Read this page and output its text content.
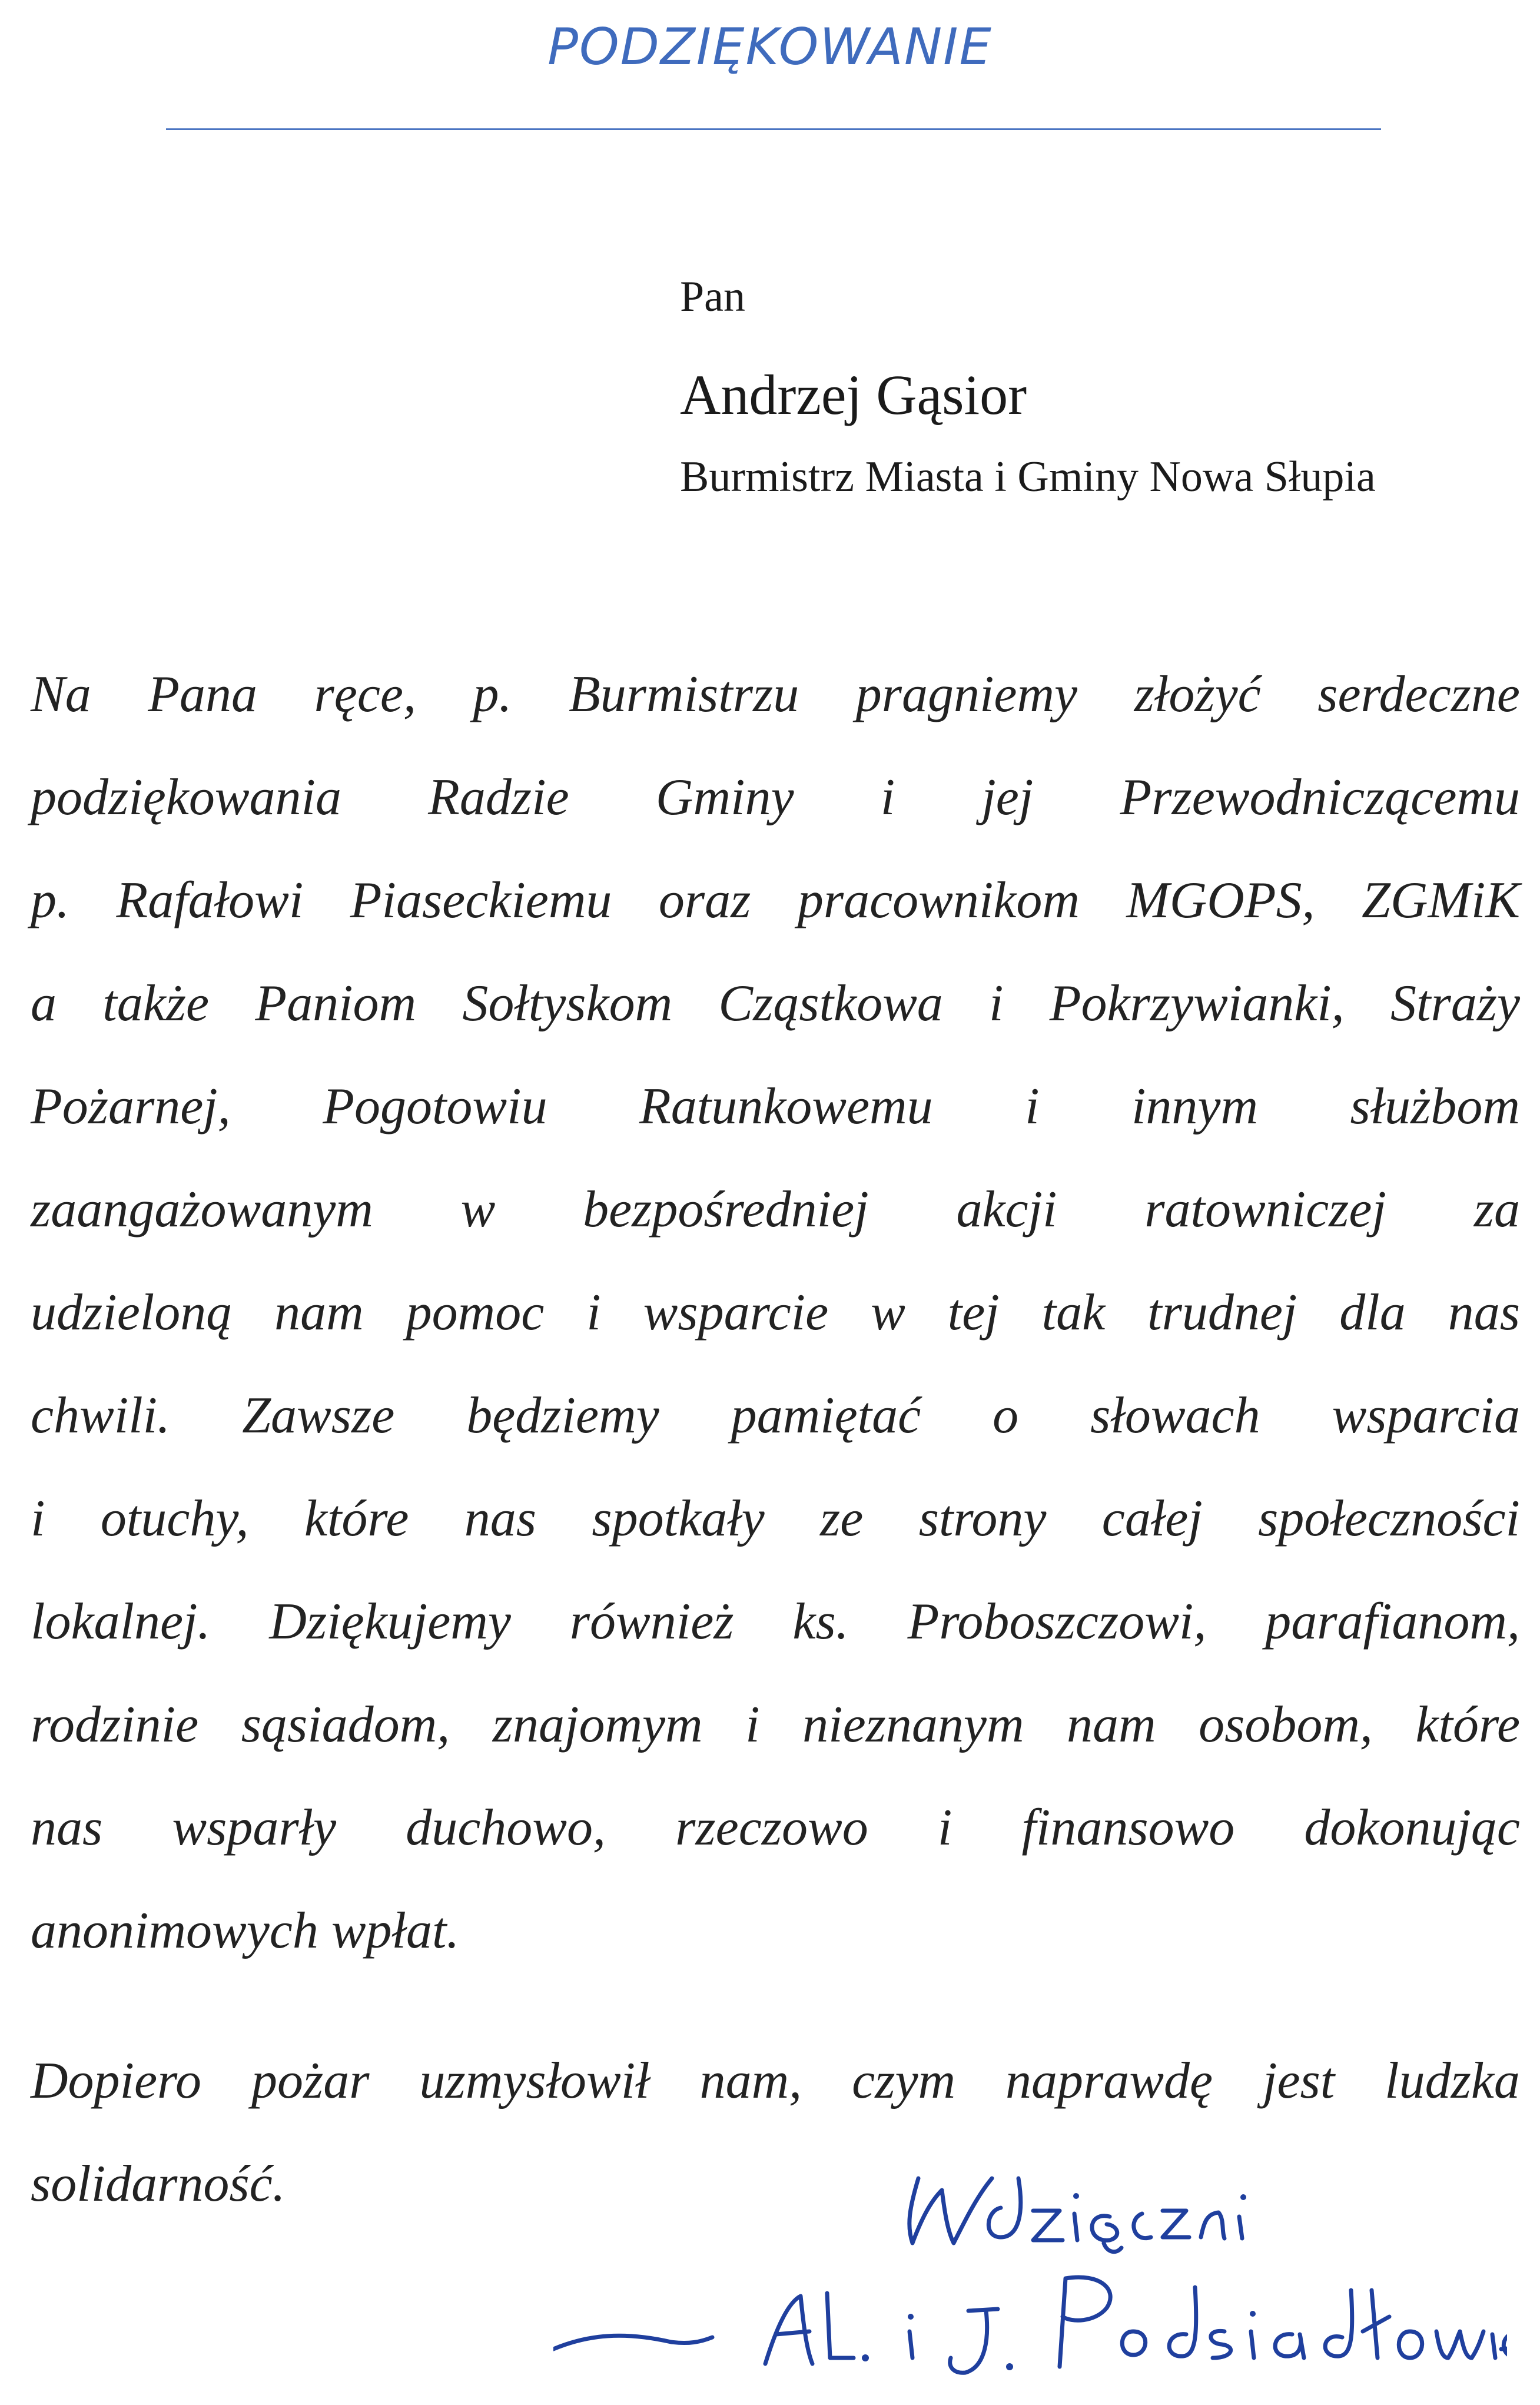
PODZIĘKOWANIE
Pan
Andrzej Gąsior
Burmistrz Miasta i Gminy Nowa Słupia
Na Pana ręce, p. Burmistrzu pragniemy złożyć serdeczne
podziękowania Radzie Gminy i jej Przewodniczącemu
p. Rafałowi Piaseckiemu oraz pracownikom MGOPS, ZGMiK
a także Paniom Sołtyskom Cząstkowa i Pokrzywianki, Straży
Pożarnej, Pogotowiu Ratunkowemu i innym służbom
zaangażowanym w bezpośredniej akcji ratowniczej za
udzieloną nam pomoc i wsparcie w tej tak trudnej dla nas
chwili. Zawsze będziemy pamiętać o słowach wsparcia
i otuchy, które nas spotkały ze strony całej społeczności
lokalnej. Dziękujemy również ks. Proboszczowi, parafianom,
rodzinie sąsiadom, znajomym i nieznanym nam osobom, które
nas wsparły duchowo, rzeczowo i finansowo dokonując
anonimowych wpłat.
Dopiero pożar uzmysłowił nam, czym naprawdę jest ludzka
solidarność.
